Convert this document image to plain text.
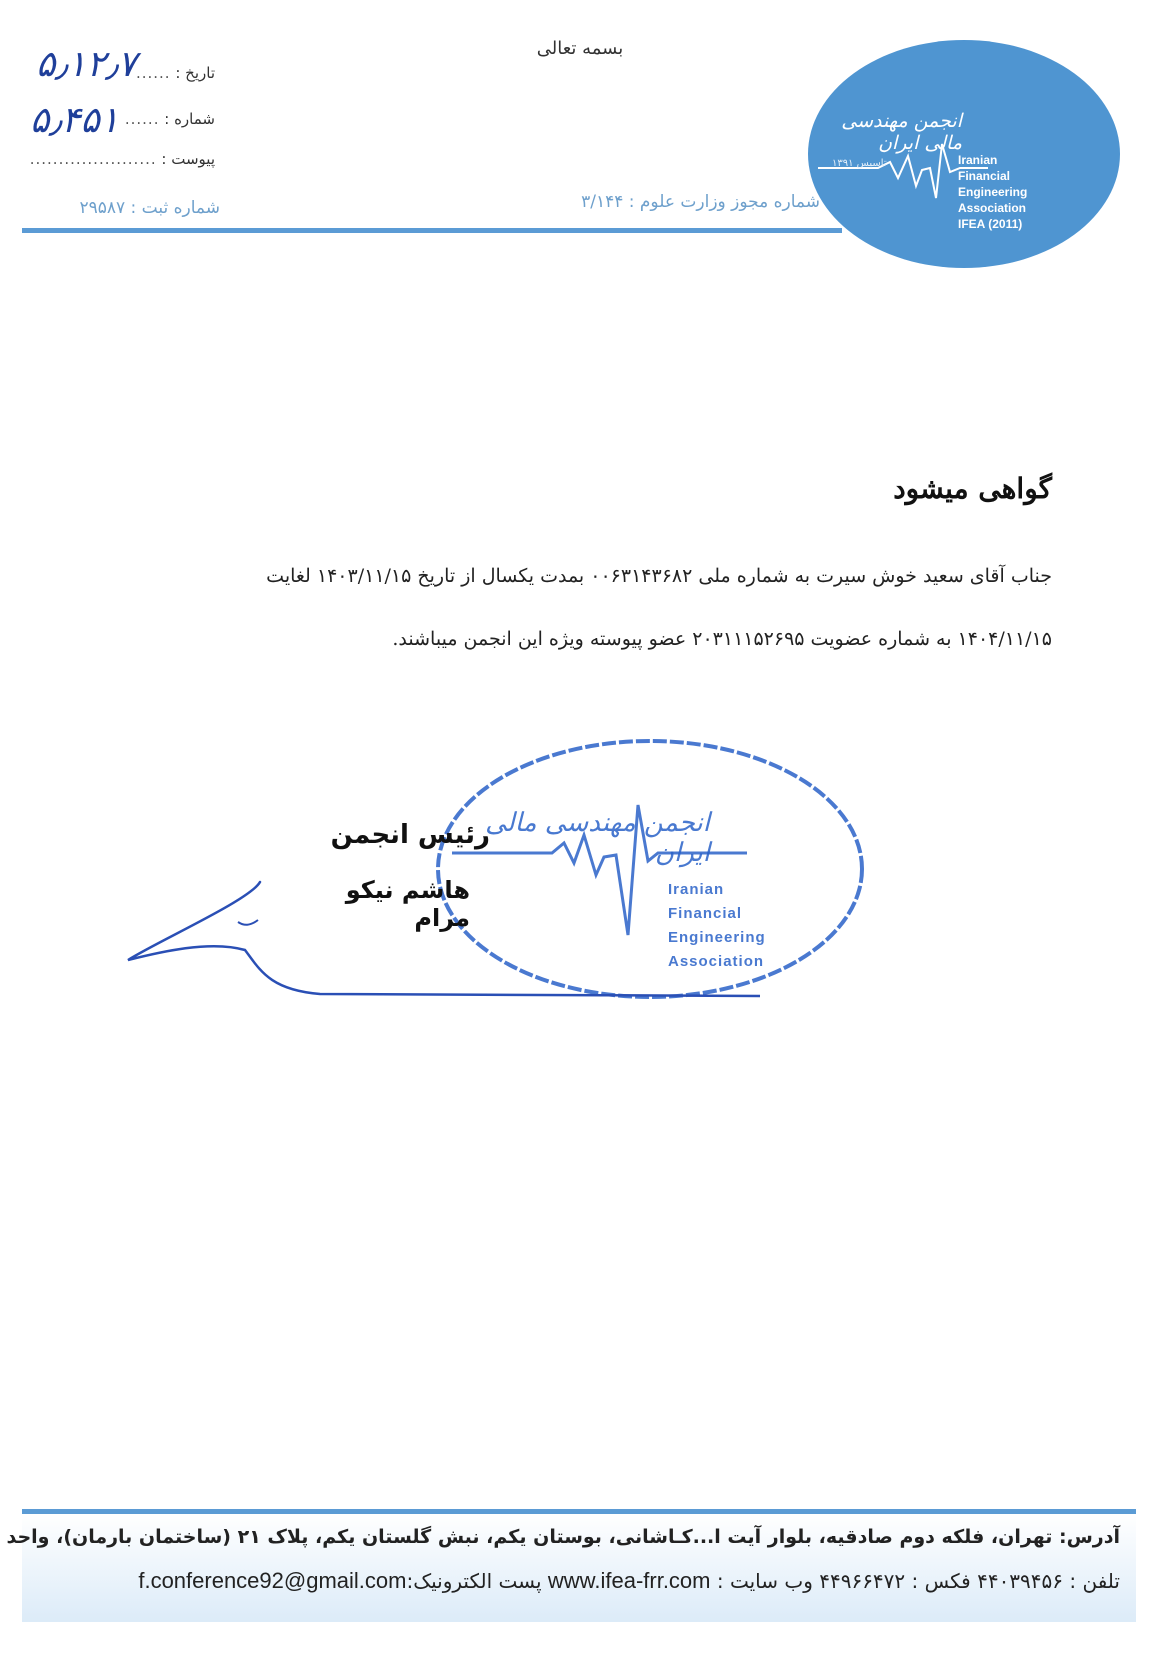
بسمه تعالی
تاریخ : ......
۵٫۱۲٫۷
شماره : ......
۵٫۴۵۱
پیوست : ......................
شماره ثبت : ۲۹۵۸۷	شماره مجوز وزارت علوم : ۳/۱۴۴
انجمن مهندسی مالی ایران
تاسیس ۱۳۹۱	Iranian
Financial
Engineering
Association
IFEA (2011)
گواهی میشود
جناب آقای سعید خوش سیرت به شماره ملی ۰۰۶۳۱۴۳۶۸۲ بمدت یکسال از تاریخ ۱۴۰۳/۱۱/۱۵ لغایت
۱۴۰۴/۱۱/۱۵ به شماره عضویت ۲۰۳۱۱۱۵۲۶۹۵ عضو پیوسته ویژه این انجمن میباشند.
انجمن مهندسی مالی ایران
Iranian
Financial
Engineering
Association
رئیس انجمن
هاشم نیکو مرام
آدرس: تهران، فلکه دوم صادقیه، بلوار آیت ا...کـاشانی، بوستان یکم، نبش گلستان یکم، پلاک ۲۱ (ساختمان بارمان)، واحد
تلفن : ۴۴۰۳۹۴۵۶ فکس : ۴۴۹۶۶۴۷۲ وب سایت : www.ifea-frr.com پست الکترونیک:f.conference92@gmail.com
